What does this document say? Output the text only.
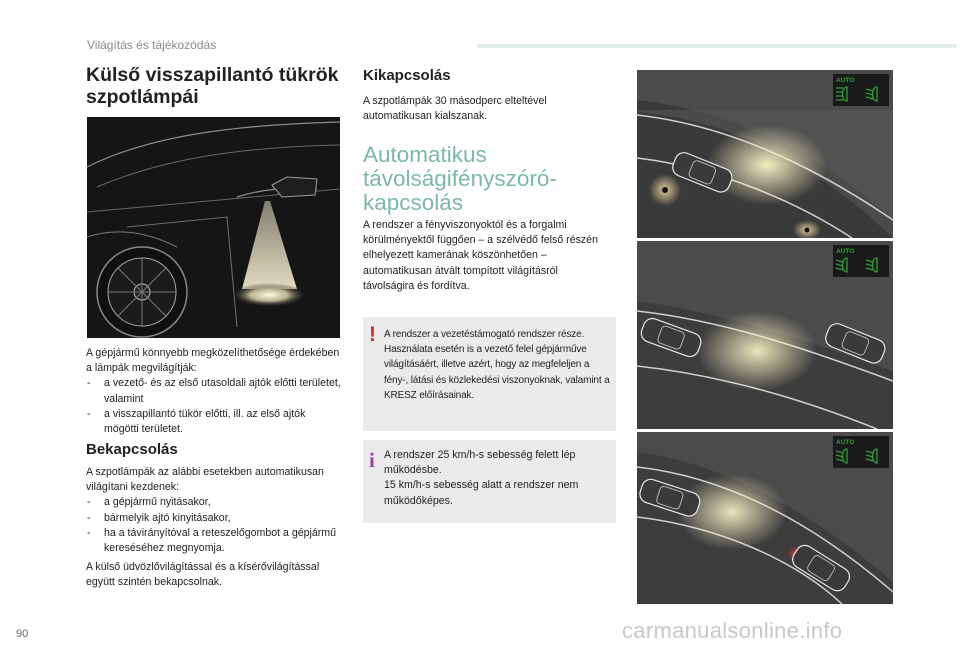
Világítás és tájékozódás
Külső visszapillantó tükrök szpotlámpái
A gépjármű könnyebb megközelíthetősége érdekében a lámpák megvilágítják:
- a vezető- és az első utasoldali ajtók előtti területet, valamint
- a visszapillantó tükör előtti, ill. az első ajtók mögötti területet.
Bekapcsolás
A szpotlámpák az alábbi esetekben automatikusan világítani kezdenek:
- a gépjármű nyitásakor,
- bármelyik ajtó kinyitásakor,
- ha a távirányítóval a reteszelőgombot a gépjármű kereséséhez megnyomja.
A külső üdvözlővilágítással és a kísérővilágítással együtt szintén bekapcsolnak.
Kikapcsolás
A szpotlámpák 30 másodperc elteltével automatikusan kialszanak.
Automatikus távolságifényszóró-kapcsolás
A rendszer a fényviszonyoktól és a forgalmi körülményektől függően – a szélvédő felső részén elhelyezett kamerának köszönhetően – automatikusan átvált tompított világításról távolságira és fordítva.
! A rendszer a vezetéstámogató rendszer része. Használata esetén is a vezető felel gépjárművе világításáért, illetve azért, hogy az megfeleljen a fény-, látási és közlekedési viszonyoknak, valamint a KRESZ előírásainak.
i A rendszer 25 km/h-s sebesség felett lép működésbe.
15 km/h-s sebesség alatt a rendszer nem működőképes.
AUTO
AUTO
AUTO
90	carmanualsonline.info
